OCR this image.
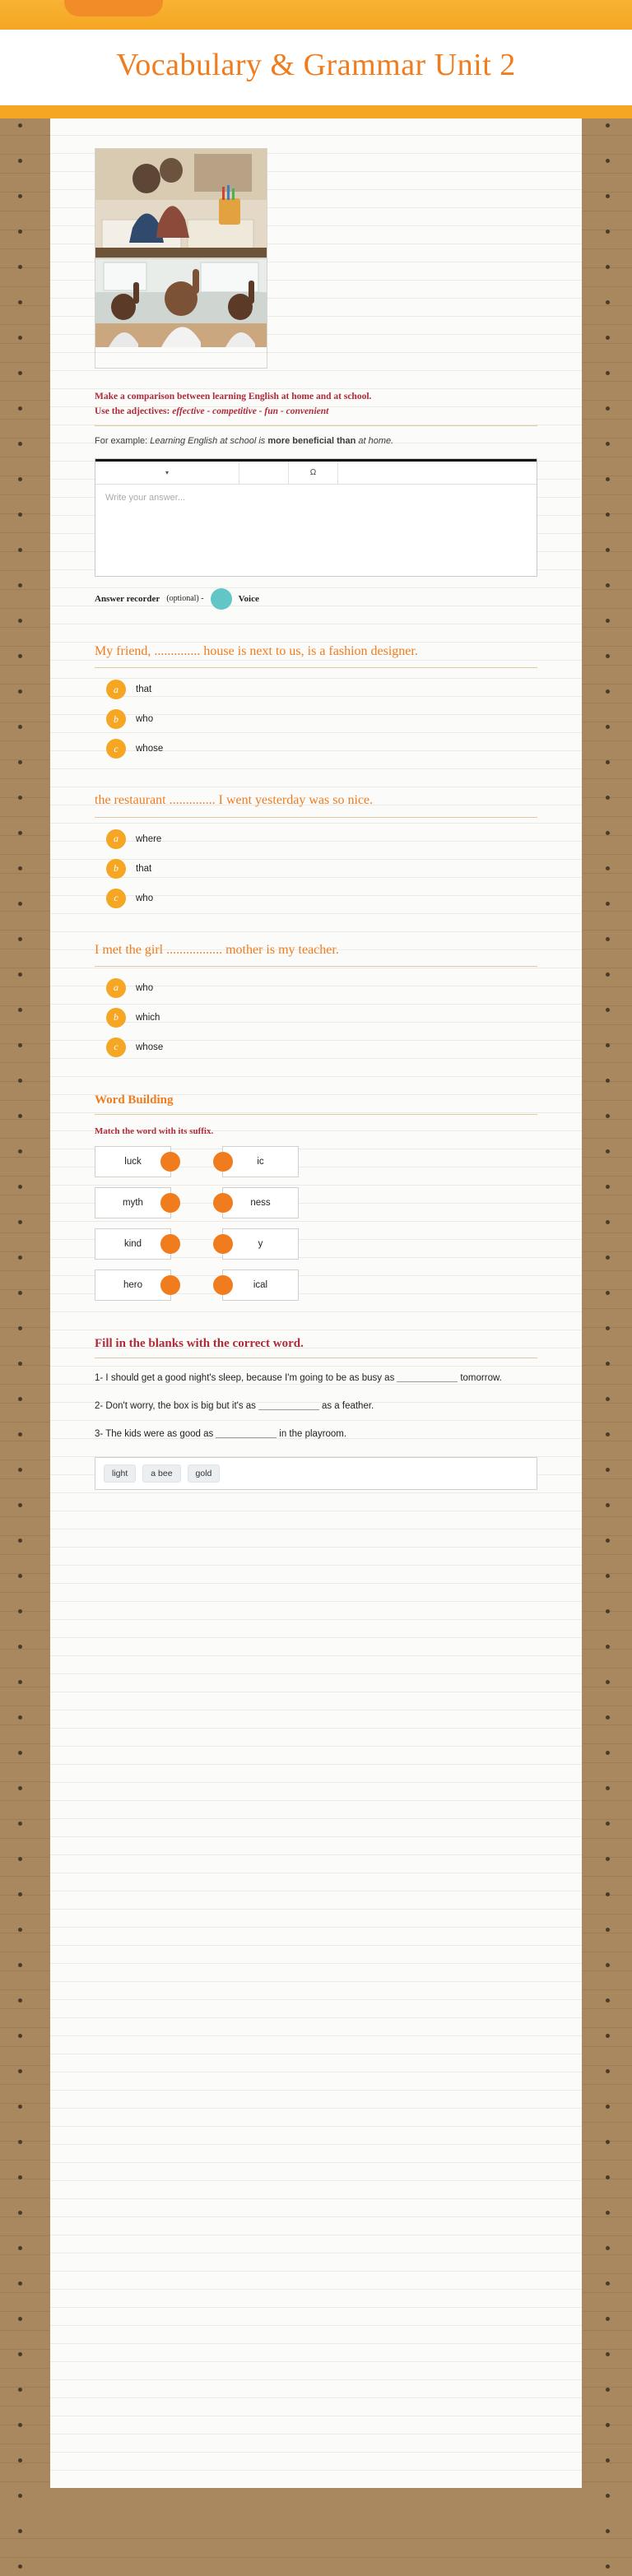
Vocabulary & Grammar Unit 2
Make a comparison between learning English at home and at school.
Use the adjectives: effective - competitive - fun - convenient

For example: Learning English at school is more beneficial than at home.

▾	Ω
Write your answer...
Answer recorder (optional) -	Voice

My friend, .............. house is next to us, is a fashion designer.

a	that
b	who
c	whose

the restaurant .............. I went yesterday was so nice.

a	where
b	that
c	who

I met the girl ................. mother is my teacher.

a	who
b	which
c	whose

Word Building

Match the word with its suffix.

luck	ic
myth	ness
kind	y
hero	ical

Fill in the blanks with the correct word.

1- I should get a good night's sleep, because I'm going to be as busy as	tomorrow.

2- Don't worry, the box is big but it's as	as a feather.

3- The kids were as good as	in the playroom.

light	a bee	gold
